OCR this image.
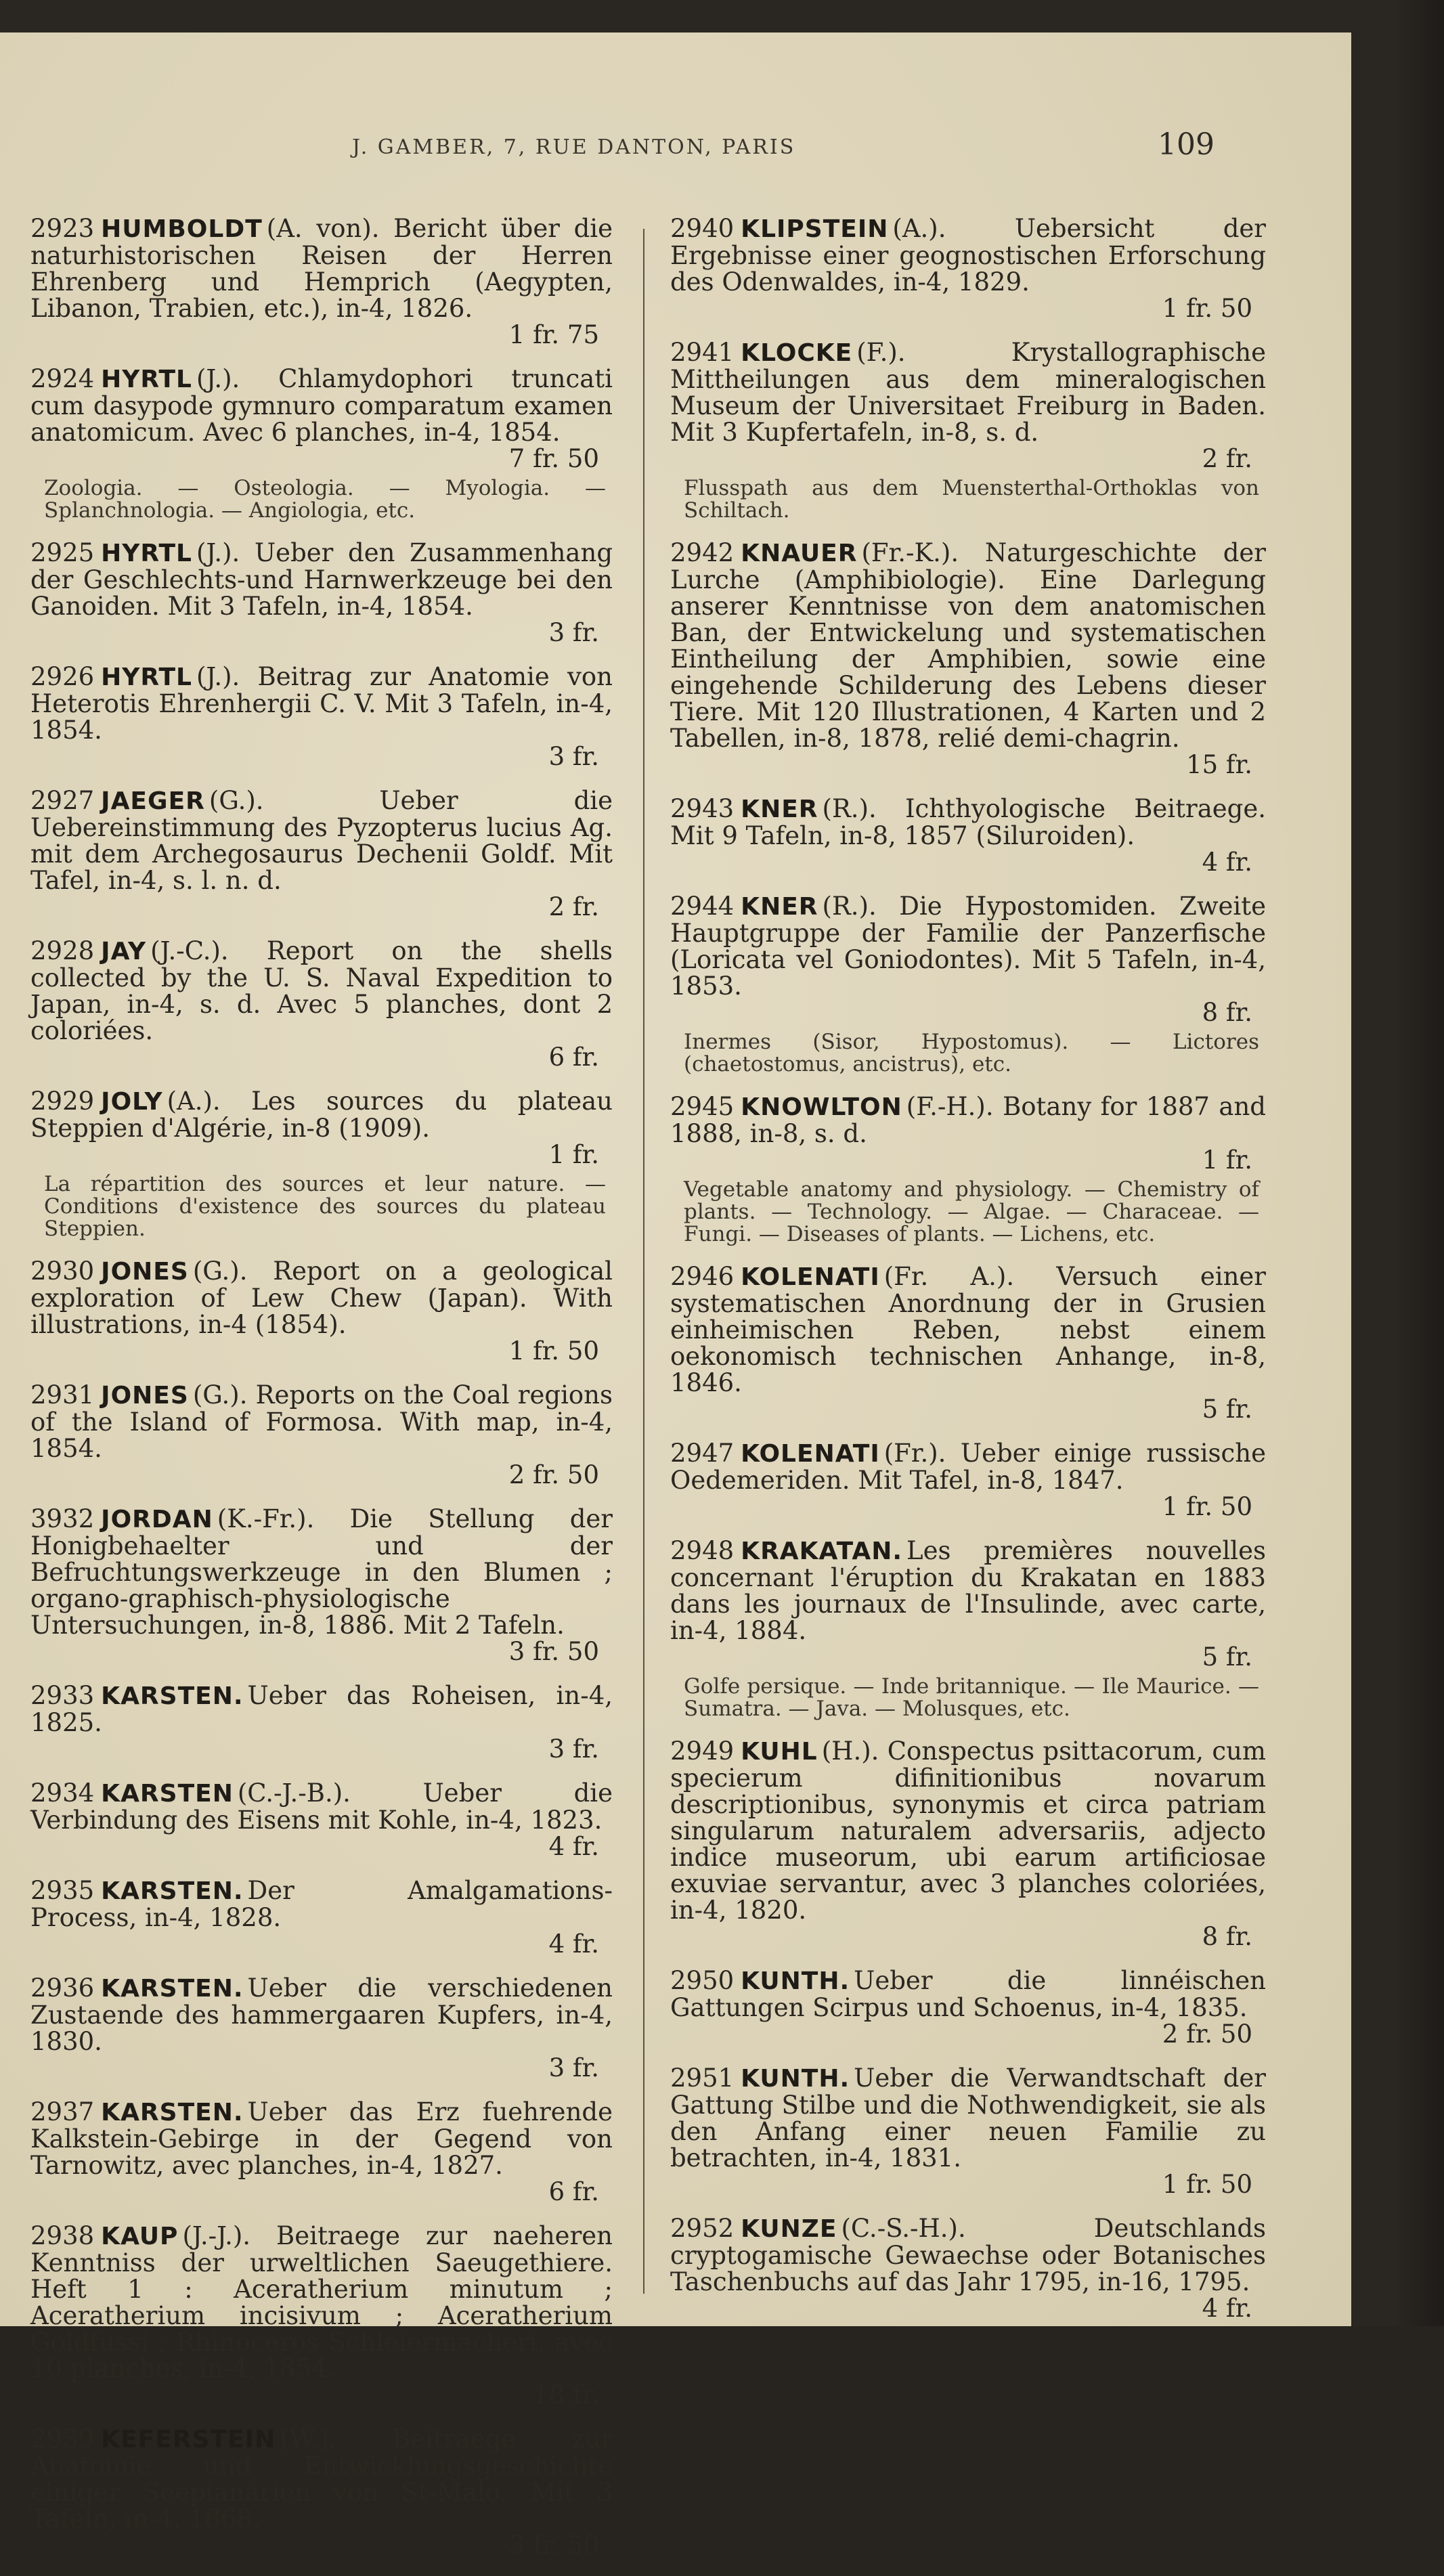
J. GAMBER, 7, RUE DANTON, PARIS	109
2923 HUMBOLDT (A. von). Bericht über die naturhistorischen Reisen der Herren Ehrenberg und Hemprich (Aegypten, Libanon, Trabien, etc.), in-4, 1826.
1 fr. 75
2924 HYRTL (J.). Chlamydophori truncati cum dasypode gymnuro comparatum examen anatomicum. Avec 6 planches, in-4, 1854.
7 fr. 50
Zoologia. — Osteologia. — Myologia. — Splanchnologia. — Angiologia, etc.
2925 HYRTL (J.). Ueber den Zusammenhang der Geschlechts-und Harnwerkzeuge bei den Ganoiden. Mit 3 Tafeln, in-4, 1854.
3 fr.
2926 HYRTL (J.). Beitrag zur Anatomie von Heterotis Ehrenhergii C. V. Mit 3 Tafeln, in-4, 1854.
3 fr.
2927 JAEGER (G.). Ueber die Uebereinstimmung des Pyzopterus lucius Ag. mit dem Archegosaurus Dechenii Goldf. Mit Tafel, in-4, s. l. n. d.
2 fr.
2928 JAY (J.-C.). Report on the shells collected by the U. S. Naval Expedition to Japan, in-4, s. d. Avec 5 planches, dont 2 coloriées.
6 fr.
2929 JOLY (A.). Les sources du plateau Steppien d'Algérie, in-8 (1909).
1 fr.
La répartition des sources et leur nature. — Conditions d'existence des sources du plateau Steppien.
2930 JONES (G.). Report on a geological exploration of Lew Chew (Japan). With illustrations, in-4 (1854).
1 fr. 50
2931 JONES (G.). Reports on the Coal regions of the Island of Formosa. With map, in-4, 1854.
2 fr. 50
3932 JORDAN (K.-Fr.). Die Stellung der Honigbehaelter und der Befruchtungswerkzeuge in den Blumen ; organo-graphisch-physiologische Untersuchungen, in-8, 1886. Mit 2 Tafeln.
3 fr. 50
2933 KARSTEN. Ueber das Roheisen, in-4, 1825.
3 fr.
2934 KARSTEN (C.-J.-B.). Ueber die Verbindung des Eisens mit Kohle, in-4, 1823.
4 fr.
2935 KARSTEN. Der Amalgamations-Process, in-4, 1828.
4 fr.
2936 KARSTEN. Ueber die verschiedenen Zustaende des hammergaaren Kupfers, in-4, 1830.
3 fr.
2937 KARSTEN. Ueber das Erz fuehrende Kalkstein-Gebirge in der Gegend von Tarnowitz, avec planches, in-4, 1827.
6 fr.
2938 KAUP (J.-J.). Beitraege zur naeheren Kenntniss der urweltlichen Saeugethiere. Heft 1 : Aceratherium minutum ; Aceratherium incisivum ; Aceratherium Goldfussi ; Rhinoceros Schleiermacheri, avec 10 planches, in-4, 1854.
18 fr.
2939 KEFERSTEIN (W.). Beitraege zur Anatomie und Entwicklungsgeschichte einiger Seeplanarien von St-Malo. Mit 3 Tafeln, in-4, 1868.
3 fr. 50
2940 KLIPSTEIN (A.). Uebersicht der Ergebnisse einer geognostischen Erforschung des Odenwaldes, in-4, 1829.
1 fr. 50
2941 KLOCKE (F.). Krystallographische Mittheilungen aus dem mineralogischen Museum der Universitaet Freiburg in Baden. Mit 3 Kupfertafeln, in-8, s. d.
2 fr.
Flusspath aus dem Muensterthal-Orthoklas von Schiltach.
2942 KNAUER (Fr.-K.). Naturgeschichte der Lurche (Amphibiologie). Eine Darlegung anserer Kenntnisse von dem anatomischen Ban, der Entwickelung und systematischen Eintheilung der Amphibien, sowie eine eingehende Schilderung des Lebens dieser Tiere. Mit 120 Illustrationen, 4 Karten und 2 Tabellen, in-8, 1878, relié demi-chagrin.
15 fr.
2943 KNER (R.). Ichthyologische Beitraege. Mit 9 Tafeln, in-8, 1857 (Siluroiden).
4 fr.
2944 KNER (R.). Die Hypostomiden. Zweite Hauptgruppe der Familie der Panzerfische (Loricata vel Goniodontes). Mit 5 Tafeln, in-4, 1853.
8 fr.
Inermes (Sisor, Hypostomus). — Lictores (chaetostomus, ancistrus), etc.
2945 KNOWLTON (F.-H.). Botany for 1887 and 1888, in-8, s. d.
1 fr.
Vegetable anatomy and physiology. — Chemistry of plants. — Technology. — Algae. — Characeae. — Fungi. — Diseases of plants. — Lichens, etc.
2946 KOLENATI (Fr. A.). Versuch einer systematischen Anordnung der in Grusien einheimischen Reben, nebst einem oekonomisch technischen Anhange, in-8, 1846.
5 fr.
2947 KOLENATI (Fr.). Ueber einige russische Oedemeriden. Mit Tafel, in-8, 1847.
1 fr. 50
2948 KRAKATAN. Les premières nouvelles concernant l'éruption du Krakatan en 1883 dans les journaux de l'Insulinde, avec carte, in-4, 1884.
5 fr.
Golfe persique. — Inde britannique. — Ile Maurice. — Sumatra. — Java. — Molusques, etc.
2949 KUHL (H.). Conspectus psittacorum, cum specierum difinitionibus novarum descriptionibus, synonymis et circa patriam singularum naturalem adversariis, adjecto indice museorum, ubi earum artificiosae exuviae servantur, avec 3 planches coloriées, in-4, 1820.
8 fr.
2950 KUNTH. Ueber die linnéischen Gattungen Scirpus und Schoenus, in-4, 1835.
2 fr. 50
2951 KUNTH. Ueber die Verwandtschaft der Gattung Stilbe und die Nothwendigkeit, sie als den Anfang einer neuen Familie zu betrachten, in-4, 1831.
1 fr. 50
2952 KUNZE (C.-S.-H.). Deutschlands cryptogamische Gewaechse oder Botanisches Taschenbuchs auf das Jahr 1795, in-16, 1795.
4 fr.
